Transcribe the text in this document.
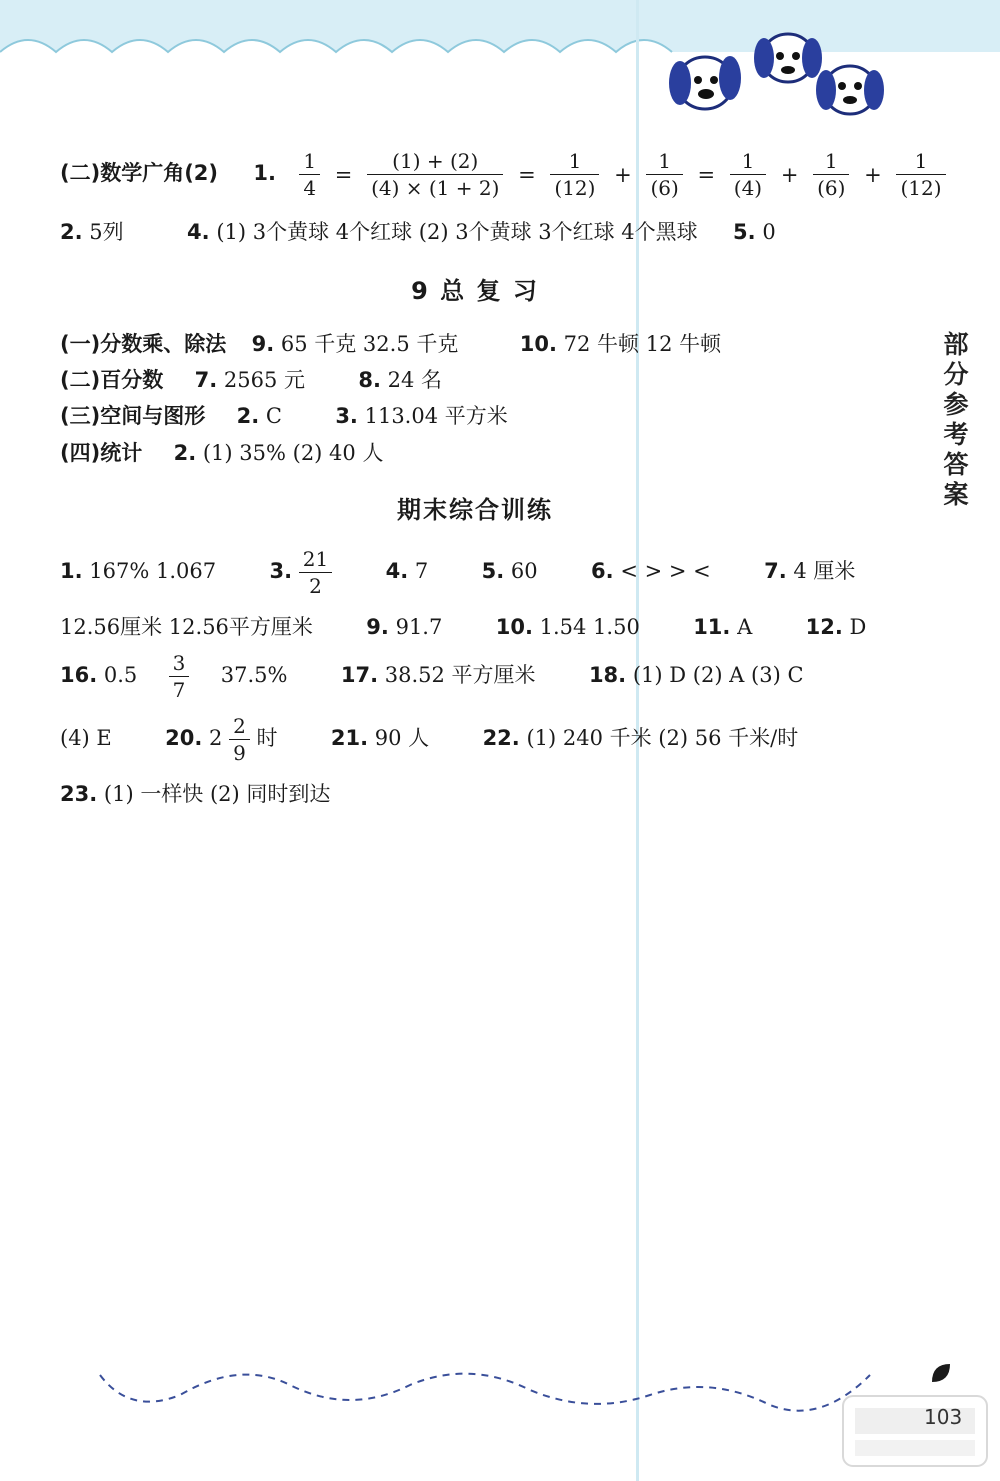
部
分
参
考
答
案
(二)数学广角(2) 1. $\frac{1}{4} = \frac{(1) + (2)}{(4) \times (1 + 2)} = \frac{1}{(12)} + \frac{1}{(6)} = \frac{1}{(4)} + \frac{1}{(6)} + \frac{1}{(12)}$
2. 5列	4. (1) 3个黄球 4个红球 (2) 3个黄球 3个红球 4个黑球 5. 0
9 总 复 习
(一)分数乘、除法 9. 65 千克 32.5 千克	10. 72 牛顿 12 牛顿
(二)百分数 7. 2565 元	8. 24 名
(三)空间与图形 2. C	3. 113.04 平方米
(四)统计 2. (1) 35% (2) 40 人
期末综合训练
1. 167% 1.067	3. $\frac{21}{2}$	4. 7	5. 60	6. < > > <	7. 4 厘米
12.56厘米 12.56平方厘米	9. 91.7	10. 1.54 1.50	11. A	12. D
16. $0.5 \frac{3}{7} 37.5\%$	17. 38.52 平方厘米	18. (1) D (2) A (3) C
(4) E	20. $2 \frac{2}{9}$ 时	21. 90 人	22. (1) 240 千米 (2) 56 千米/时
23. (1) 一样快 (2) 同时到达
103
